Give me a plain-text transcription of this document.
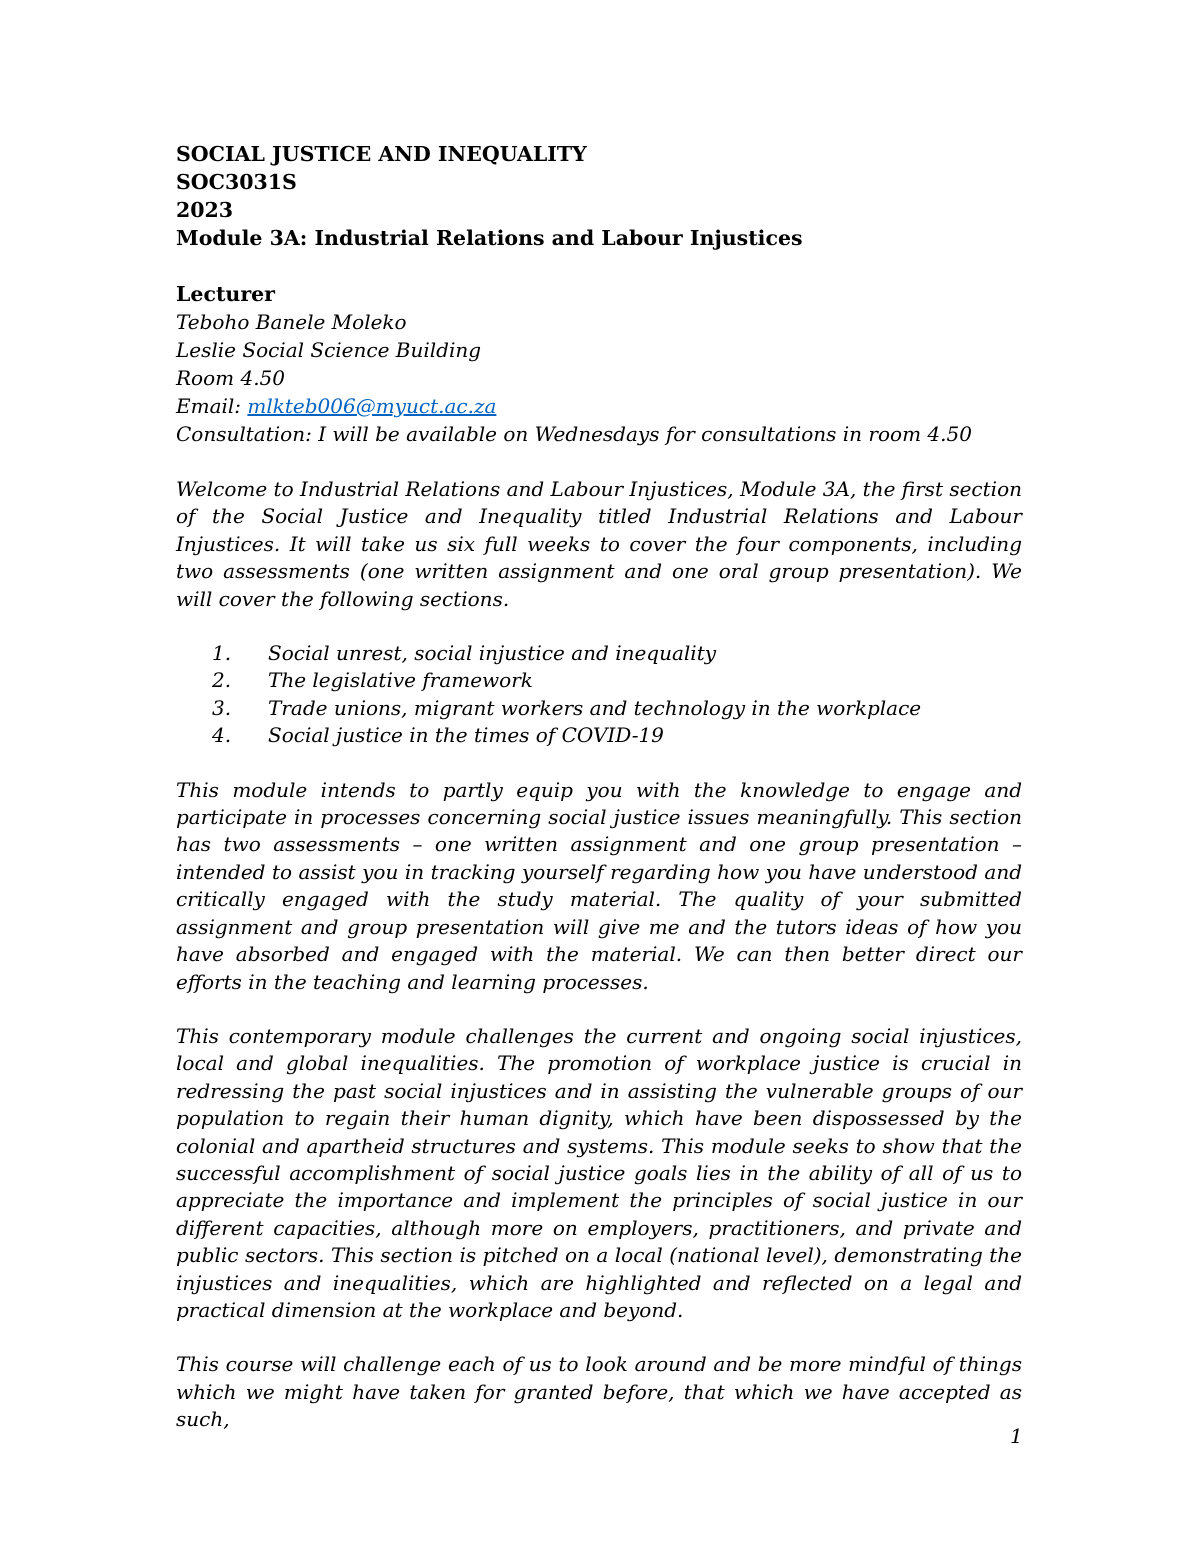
SOCIAL JUSTICE AND INEQUALITY
SOC3031S
2023
Module 3A: Industrial Relations and Labour Injustices
Lecturer
Teboho Banele Moleko
Leslie Social Science Building
Room 4.50
Email: mlkteb006@myuct.ac.za
Consultation: I will be available on Wednesdays for consultations in room 4.50

Welcome to Industrial Relations and Labour Injustices, Module 3A, the first section of the Social Justice and Inequality titled Industrial Relations and Labour Injustices. It will take us six full weeks to cover the four components, including two assessments (one written assignment and one oral group presentation). We will cover the following sections.

1. Social unrest, social injustice and inequality
2. The legislative framework
3. Trade unions, migrant workers and technology in the workplace
4. Social justice in the times of COVID-19

This module intends to partly equip you with the knowledge to engage and participate in processes concerning social justice issues meaningfully. This section has two assessments – one written assignment and one group presentation – intended to assist you in tracking yourself regarding how you have understood and critically engaged with the study material. The quality of your submitted assignment and group presentation will give me and the tutors ideas of how you have absorbed and engaged with the material. We can then better direct our efforts in the teaching and learning processes.

This contemporary module challenges the current and ongoing social injustices, local and global inequalities. The promotion of workplace justice is crucial in redressing the past social injustices and in assisting the vulnerable groups of our population to regain their human dignity, which have been dispossessed by the colonial and apartheid structures and systems. This module seeks to show that the successful accomplishment of social justice goals lies in the ability of all of us to appreciate the importance and implement the principles of social justice in our different capacities, although more on employers, practitioners, and private and public sectors. This section is pitched on a local (national level), demonstrating the injustices and inequalities, which are highlighted and reflected on a legal and practical dimension at the workplace and beyond.

This course will challenge each of us to look around and be more mindful of things which we might have taken for granted before, that which we have accepted as such,

1
